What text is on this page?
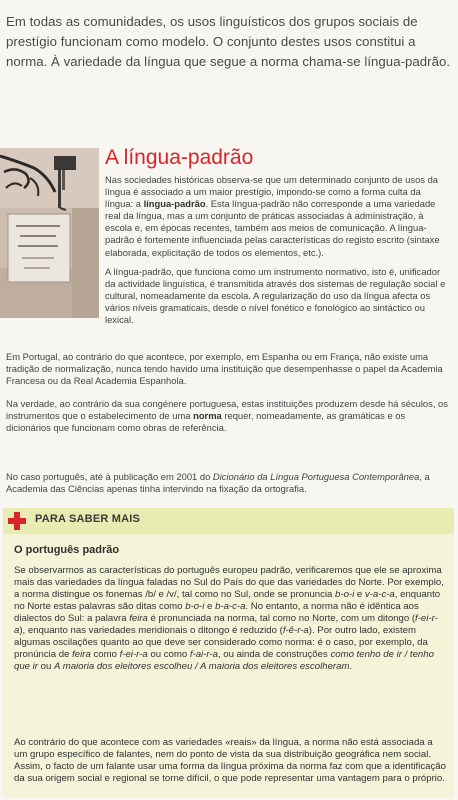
Em todas as comunidades, os usos linguísticos dos grupos sociais de prestígio funcionam como modelo. O conjunto destes usos constitui a norma. À variedade da língua que segue a norma chama-se língua-padrão.
A língua-padrão

Nas sociedades históricas observa-se que um determinado conjunto de usos da língua é associado a um maior prestígio, impondo-se como a forma culta da língua: a língua-padrão. Esta língua-padrão não corresponde a uma variedade real da língua, mas a um conjunto de práticas associadas à administração, à escola e, em épocas recentes, também aos meios de comunicação. A língua-padrão é fortemente influenciada pelas características do registo escrito (sintaxe elaborada, explicitação de todos os elementos, etc.).

A língua-padrão, que funciona como um instrumento normativo, isto é, unificador da actividade linguística, é transmitida através dos sistemas de regulação social e cultural, nomeadamente da escola. A regularização do uso da língua afecta os vários níveis gramaticais, desde o nível fonético e fonológico ao sintáctico ou lexical.

Em Portugal, ao contrário do que acontece, por exemplo, em Espanha ou em França, não existe uma tradição de normalização, nunca tendo havido uma instituição que desempenhasse o papel da Academia Francesa ou da Real Academia Espanhola.

Na verdade, ao contrário da sua congénere portuguesa, estas instituições produzem desde há séculos, os instrumentos que o estabelecimento de uma norma requer, nomeadamente, as gramáticas e os dicionários que funcionam como obras de referência.

No caso português, até à publicação em 2001 do Dicionário da Língua Portuguesa Contemporânea, a Academia das Ciências apenas tinha intervindo na fixação da ortografia.

PARA SABER MAIS
O português padrão

Se observarmos as características do português europeu padrão, verificaremos que ele se aproxima mais das variedades da língua faladas no Sul do País do que das variedades do Norte. Por exemplo, a norma distingue os fonemas /b/ e /v/, tal como no Sul, onde se pronuncia b-o-i e v-a-c-a, enquanto no Norte estas palavras são ditas como b-o-i e b-a-c-a. No entanto, a norma não é idêntica aos dialectos do Sul: a palavra feira é pronunciada na norma, tal como no Norte, com um ditongo (f-ei-r-a), enquanto nas variedades meridionais o ditongo é reduzido (f-ê-r-a). Por outro lado, existem algumas oscilações quanto ao que deve ser considerado como norma: é o caso, por exemplo, da pronúncia de feira como f-ei-r-a ou como f-ai-r-a, ou ainda de construções como tenho de ir / tenho que ir ou A maioria dos eleitores escolheu / A maioria dos eleitores escolheram.

Ao contrário do que acontece com as variedades «reais» da língua, a norma não está associada a um grupo específico de falantes, nem do ponto de vista da sua distribuição geográfica nem social. Assim, o facto de um falante usar uma forma da língua próxima da norma faz com que a identificação da sua origem social e regional se torne difícil, o que pode representar uma vantagem para o próprio.
